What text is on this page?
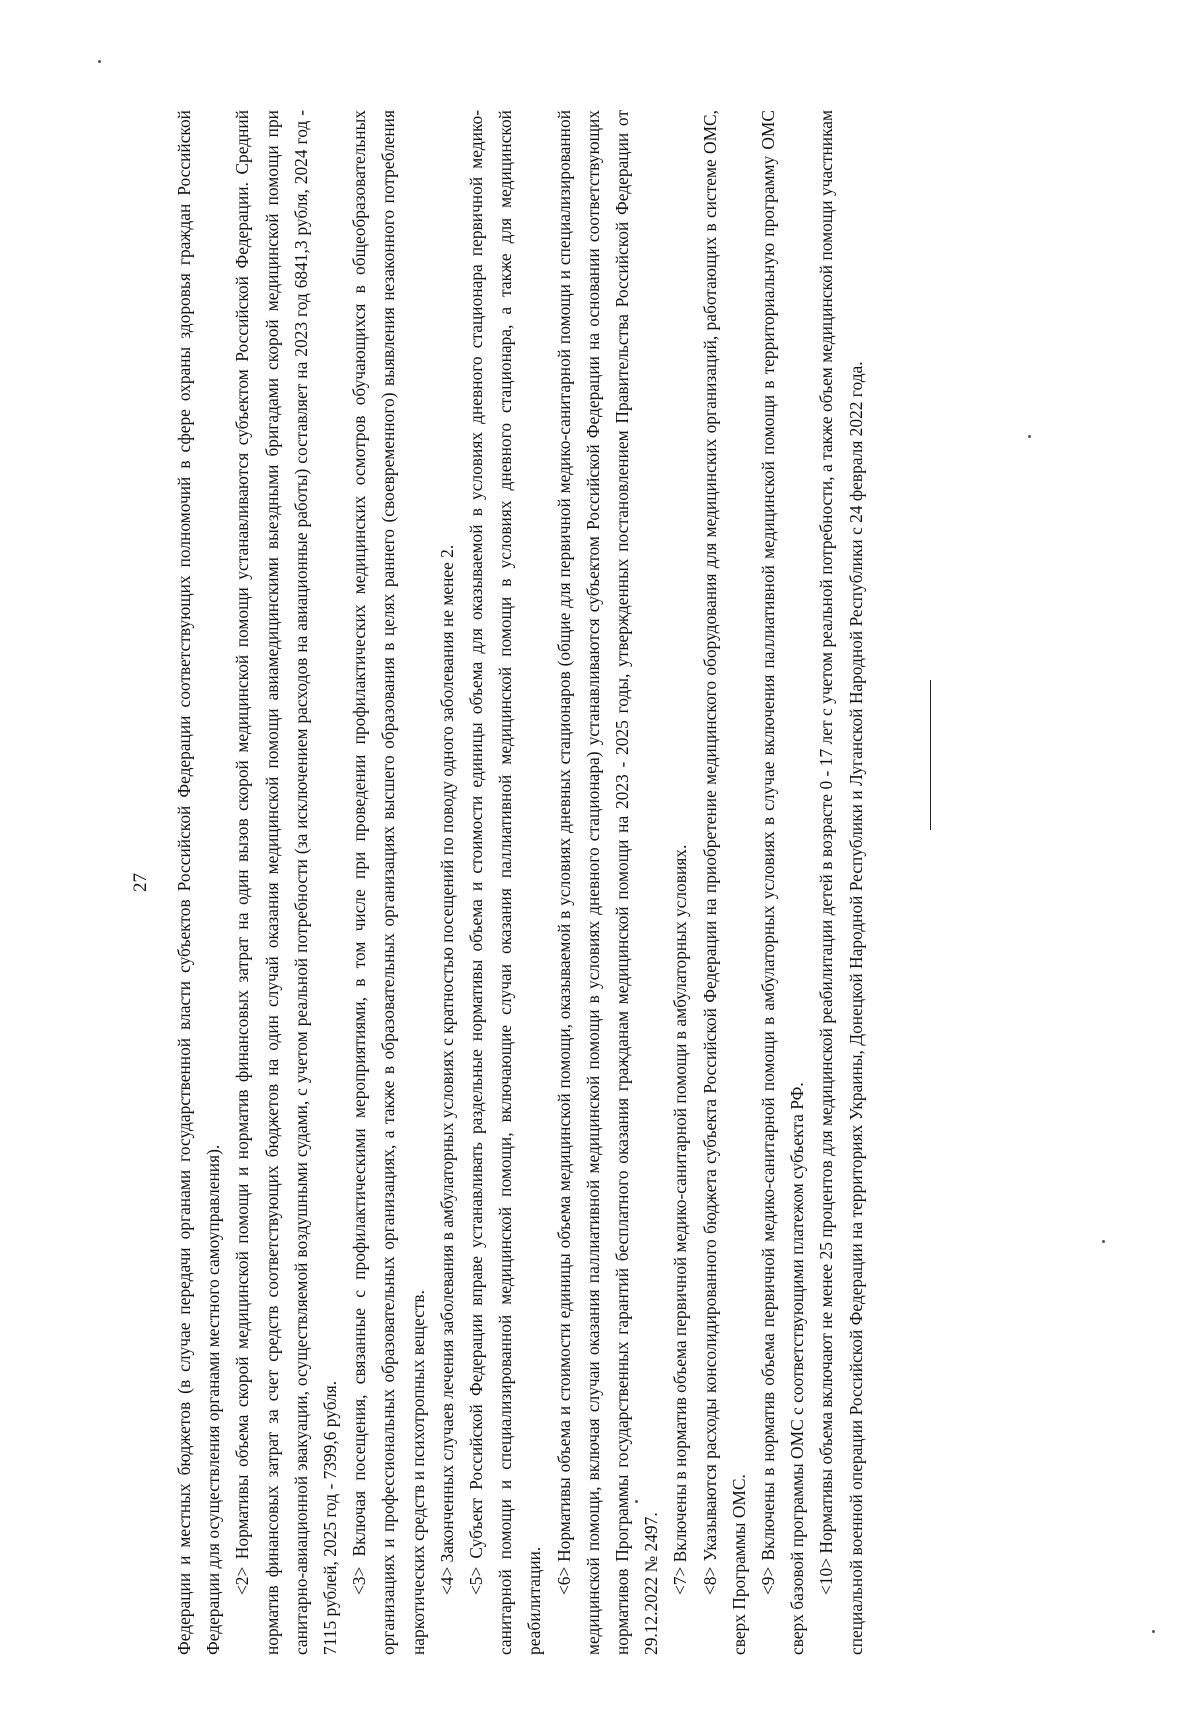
27 Федерации и местных бюджетов (в случае передачи органами государственной власти субъектов Российской Федерации соответствующих полномочий в сфере охраны здоровья граждан Российской Федерации для осуществления органами местного самоуправления). <2> Нормативы объема скорой медицинской помощи и норматив финансовых затрат на один вызов скорой медицинской помощи устанавливаются субъектом Российской Федерации. Средний норматив финансовых затрат за счет средств соответствующих бюджетов на один случай оказания медицинской помощи авиамедицинскими выездными бригадами скорой медицинской помощи при санитарно-авиационной эвакуации, осуществляемой воздушными судами, с учетом реальной потребности (за исключением расходов на авиационные работы) составляет на 2023 год 6841,3 рубля, 2024 год - 7115 рублей, 2025 год - 7399,6 рубля. <3> Включая посещения, связанные с профилактическими мероприятиями, в том числе при проведении профилактических медицинских осмотров обучающихся в общеобразовательных организациях и профессиональных образовательных организациях, а также в образовательных организациях высшего образования в целях раннего (своевременного) выявления незаконного потребления наркотических средств и психотропных веществ. <4> Законченных случаев лечения заболевания в амбулаторных условиях с кратностью посещений по поводу одного заболевания не менее 2. <5> Субъект Российской Федерации вправе устанавливать раздельные нормативы объема и стоимости единицы объема для оказываемой в условиях дневного стационара первичной медико-санитарной помощи и специализированной медицинской помощи, включающие случаи оказания паллиативной медицинской помощи в условиях дневного стационара, а также для медицинской реабилитации.

<6> Нормативы объема и стоимости единицы объема медицинской помощи, оказываемой в условиях дневных стационаров (общие для первичной медико-санитарной помощи и специализированной медицинской помощи, включая случаи оказания паллиативной медицинской помощи в условиях дневного стационара) устанавливаются субъектом Российской Федерации на основании соответствующих нормативов Программы государственных гарантий бесплатного оказания гражданам медицинской помощи на 2023 - 2025 годы, утвержденных постановлением Правительства Российской Федерации от 29.12.2022 № 2497. <7> Включены в норматив объема первичной медико-санитарной помощи в амбулаторных условиях. <8> Указываются расходы консолидированного бюджета субъекта Российской Федерации на приобретение медицинского оборудования для медицинских организаций, работающих в системе ОМС, сверх Программы ОМС. <9> Включены в норматив объема первичной медико-санитарной помощи в амбулаторных условиях в случае включения паллиативной медицинской помощи в территориальную программу ОМС сверх базовой программы ОМС с соответствующими платежом субъекта РФ. <10> Нормативы объема включают не менее 25 процентов для медицинской реабилитации детей в возрасте 0 - 17 лет с учетом реальной потребности, а также объем медицинской помощи участникам специальной военной операции Российской Федерации на территориях Украины, Донецкой Народной Республики и Луганской Народной Республики с 24 февраля 2022 года.
